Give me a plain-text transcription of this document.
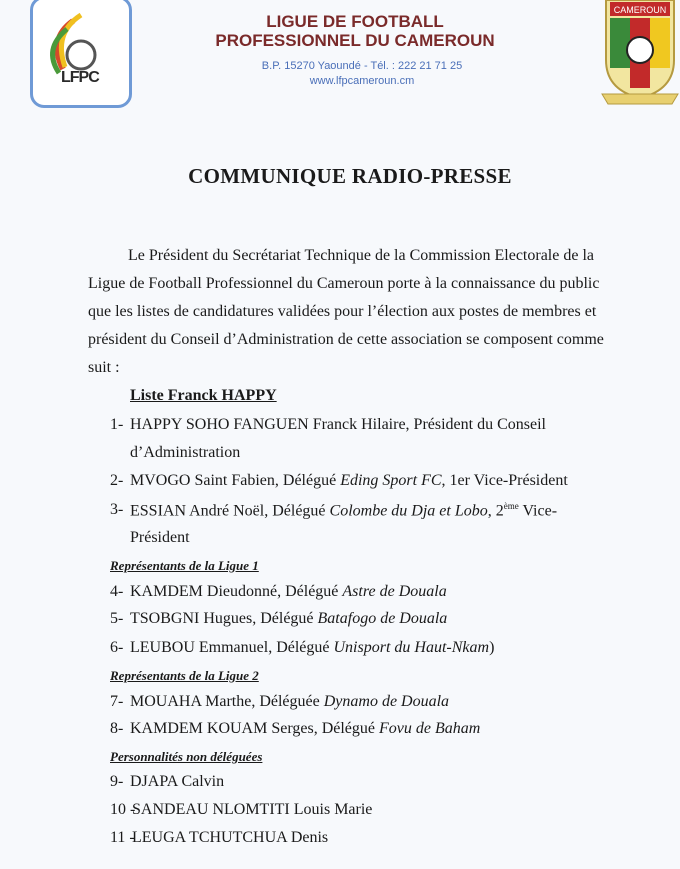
LFPC
LIGUE DE FOOTBALL
PROFESSIONNEL DU CAMEROUN
B.P. 15270 Yaoundé - Tél. : 222 21 71 25
www.lfpcameroun.cm
CAMEROUN
COMMUNIQUE RADIO-PRESSE
Le Président du Secrétariat Technique de la Commission Electorale de la
Ligue de Football Professionnel du Cameroun porte à la connaissance du public
que les listes de candidatures validées pour l’élection aux postes de membres et
président du Conseil d’Administration de cette association se composent comme
suit :
Liste Franck HAPPY
1- HAPPY SOHO FANGUEN Franck Hilaire, Président du Conseil
d’Administration
2- MVOGO Saint Fabien, Délégué Eding Sport FC, 1er Vice-Président
3- ESSIAN André Noël, Délégué Colombe du Dja et Lobo, 2ème Vice-
Président
4- KAMDEM Dieudonné, Délégué Astre de Douala
5- TSOBGNI Hugues, Délégué Batafogo de Douala
6- LEUBOU Emmanuel, Délégué Unisport du Haut-Nkam)
7- MOUAHA Marthe, Déléguée Dynamo de Douala
8- KAMDEM KOUAM Serges, Délégué Fovu de Baham
9- DJAPA Calvin
10 -
SANDEAU NLOMTITI Louis Marie
11 -
LEUGA TCHUTCHUA Denis
Représentants de la Ligue 1
Représentants de la Ligue 2
Personnalités non déléguées
